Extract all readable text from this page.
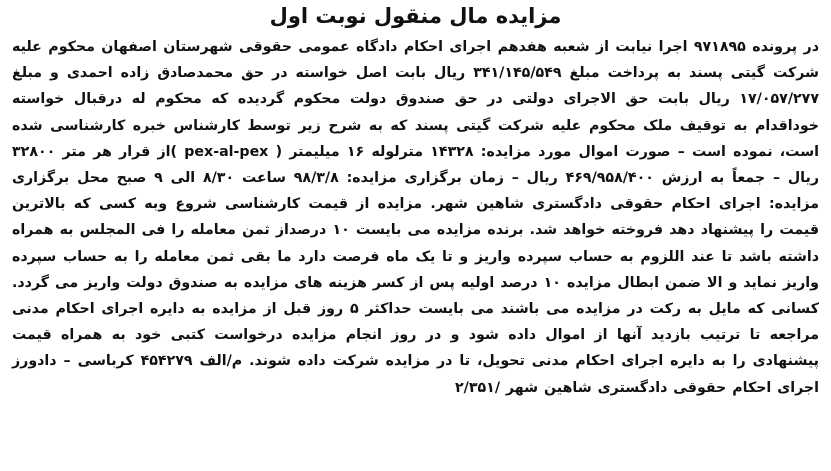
مزایده مال منقول نوبت اول

در پرونده ۹۷۱۸۹۵ اجرا نیابت از شعبه هفدهم اجرای احکام دادگاه عمومی حقوقی شهرستان اصفهان محکوم علیه شرکت گیتی پسند به پرداخت مبلغ ۳۴۱/۱۴۵/۵۴۹ ریال بابت اصل خواسته در حق محمدصادق زاده احمدی و مبلغ ۱۷/۰۵۷/۲۷۷ ریال بابت حق الاجرای دولتی در حق صندوق دولت محکوم گردیده که محکوم له درقبال خواسته خوداقدام به توقیف ملک محکوم علیه شرکت گیتی پسند که به شرح زیر توسط کارشناس خبره کارشناسی شده است، نموده است – صورت اموال مورد مزایده: ۱۴۳۲۸ مترلوله ۱۶ میلیمتر ( pex-al-pex )از قرار هر متر ۳۲۸۰۰ ریال – جمعاً به ارزش ۴۶۹/۹۵۸/۴۰۰ ریال – زمان برگزاری مزایده: ۹۸/۳/۸ ساعت ۸/۳۰ الی ۹ صبح محل برگزاری مزایده: اجرای احکام حقوقی دادگستری شاهین شهر. مزایده از قیمت کارشناسی شروع وبه کسی که بالاترین قیمت را پیشنهاد دهد فروخته خواهد شد. برنده مزایده می بایست ۱۰ درصداز ثمن معامله را فی المجلس به همراه داشته باشد تا عند اللزوم به حساب سپرده واریز و تا یک ماه فرصت دارد ما بقی ثمن معامله را به حساب سپرده واریز نماید و الا ضمن ابطال مزایده ۱۰ درصد اولیه پس از کسر هزینه های مزایده به صندوق دولت واریز می گردد. کسانی که مایل به رکت در مزایده می باشند می بایست حداکثر ۵ روز قبل از مزایده به دایره اجرای احکام مدنی مراجعه تا ترتیب بازدید آنها از اموال داده شود و در روز انجام مزایده درخواست کتبی خود به همراه قیمت پیشنهادی را به دایره اجرای احکام مدنی تحویل، تا در مزایده شرکت داده شوند. م/الف ۴۵۴۲۷۹ کرباسی – دادورز اجرای احکام حقوقی دادگستری شاهین شهر /۲/۳۵۱
